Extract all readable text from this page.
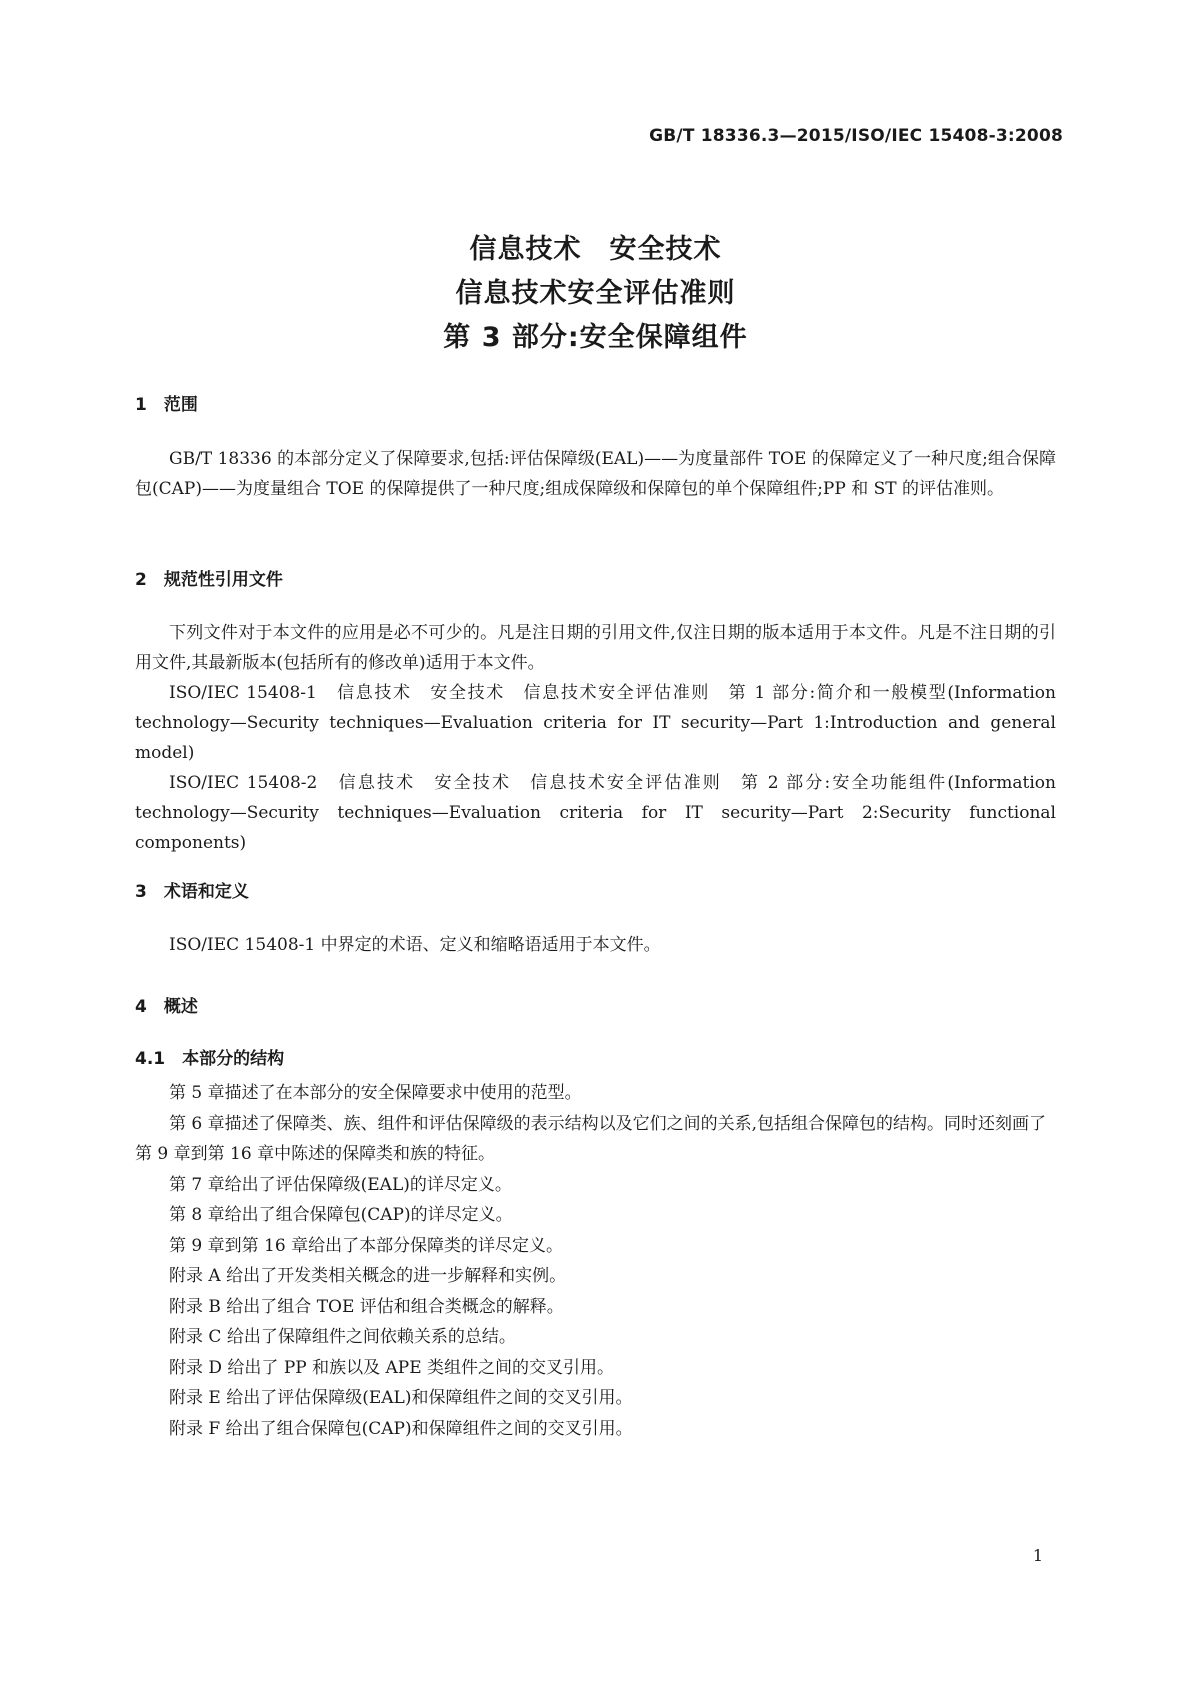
GB/T 18336.3—2015/ISO/IEC 15408-3:2008
信息技术　安全技术
信息技术安全评估准则
第 3 部分:安全保障组件
1　范围

GB/T 18336 的本部分定义了保障要求,包括:评估保障级(EAL)——为度量部件 TOE 的保障定义了一种尺度;组合保障包(CAP)——为度量组合 TOE 的保障提供了一种尺度;组成保障级和保障包的单个保障组件;PP 和 ST 的评估准则。

2　规范性引用文件

下列文件对于本文件的应用是必不可少的。凡是注日期的引用文件,仅注日期的版本适用于本文件。凡是不注日期的引用文件,其最新版本(包括所有的修改单)适用于本文件。

ISO/IEC 15408-1　信息技术　安全技术　信息技术安全评估准则　第 1 部分:简介和一般模型(Information technology—Security techniques—Evaluation criteria for IT security—Part 1:Introduction and general model)

ISO/IEC 15408-2　信息技术　安全技术　信息技术安全评估准则　第 2 部分:安全功能组件(Information technology—Security techniques—Evaluation criteria for IT security—Part 2:Security functional components)

3　术语和定义

ISO/IEC 15408-1 中界定的术语、定义和缩略语适用于本文件。

4　概述
4.1　本部分的结构
第 5 章描述了在本部分的安全保障要求中使用的范型。
第 6 章描述了保障类、族、组件和评估保障级的表示结构以及它们之间的关系,包括组合保障包的结构。同时还刻画了第 9 章到第 16 章中陈述的保障类和族的特征。
第 7 章给出了评估保障级(EAL)的详尽定义。
第 8 章给出了组合保障包(CAP)的详尽定义。
第 9 章到第 16 章给出了本部分保障类的详尽定义。
附录 A 给出了开发类相关概念的进一步解释和实例。
附录 B 给出了组合 TOE 评估和组合类概念的解释。
附录 C 给出了保障组件之间依赖关系的总结。
附录 D 给出了 PP 和族以及 APE 类组件之间的交叉引用。
附录 E 给出了评估保障级(EAL)和保障组件之间的交叉引用。
附录 F 给出了组合保障包(CAP)和保障组件之间的交叉引用。
1
